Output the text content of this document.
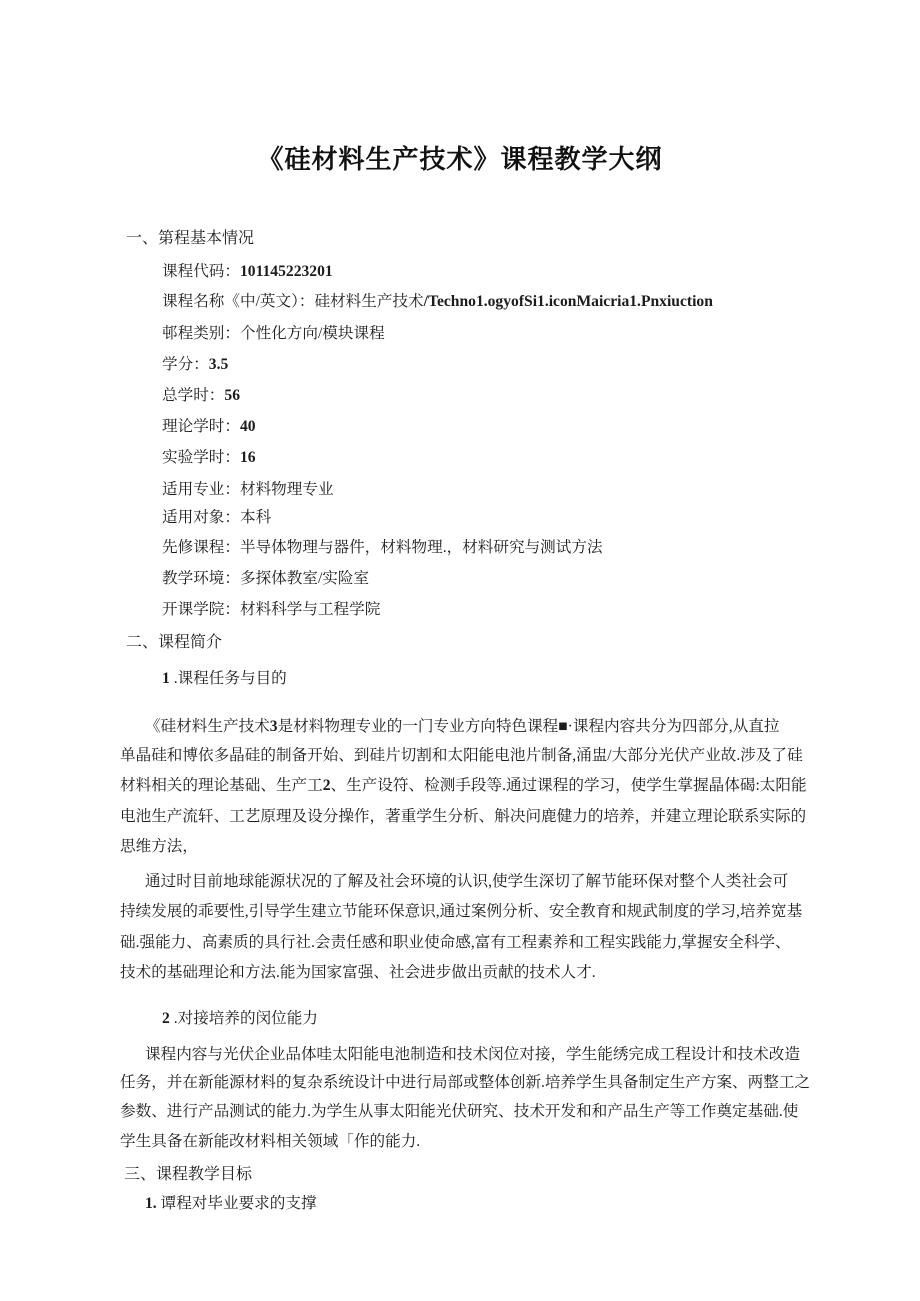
《硅材料生产技术》课程教学大纲
一、第程基本情况
课程代码：101145223201
课程名称《中/英文）：硅材料生产技术/Techno1.ogyofSi1.iconMaicria1.Pnxiuction
邨程类别：个性化方向/模块课程
学分：3.5
总学时：56
理论学时：40
实验学时：16
适用专业：材料物理专业
适用对象：本科
先修课程：半导体物理与器件，材料物理.，材料研究与测试方法
教学环境：多探体教室/实险室
开课学院：材料科学与工程学院
二、课程简介
1 .课程任务与目的
《硅材料生产技术3是材料物理专业的一门专业方向特色课程■·课程内容共分为四部分,从直拉
单晶硅和博依多晶硅的制备开始、到硅片切割和太阳能电池片制备,涌盅/大部分光伏产业故.涉及了硅
材料相关的理论基础、生产工2、生产设符、检测手段等.通过课程的学习，使学生掌握晶体碣:太阳能
电池生产流轩、工艺原理及设分操作，著重学生分析、斛决问鹿健力的培养，并建立理论联系实际的
思维方法，
通过时目前地球能源状况的了解及社会环境的认识,使学生深切了解节能环保对整个人类社会可
持续发展的乖要性,引导学生建立节能环保意识,通过案例分析、安全教育和规武制度的学习,培养宽基
础.强能力、高素质的具行社.会责任感和职业使命感,富有工程素养和工程实践能力,掌握安全科学、
技术的基础理论和方法.能为国家富强、社会进步做出贡献的技术人才.
2 .对接培养的闵位能力
课程内容与光伏企业品体哇太阳能电池制造和技术闵位对接，学生能绣完成工程设计和技术改造
任务，并在新能源材料的复杂系统设计中进行局部或整体创新.培养学生具备制定生产方案、两整工之
参数、进行产品测试的能力.为学生从事太阳能光伏研究、技术开发和和产品生产等工作奠定基础.使
学生具备在新能改材料相关领域「作的能力.
三、课程教学目标
1. 谭程对毕业要求的支撑
